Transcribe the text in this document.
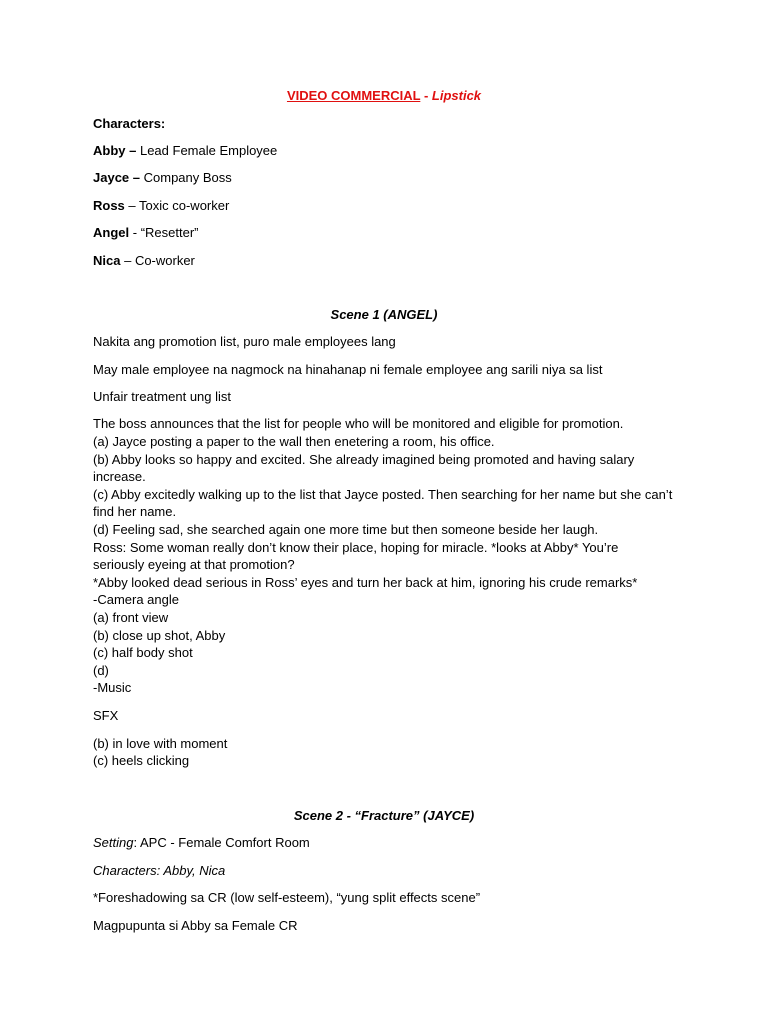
VIDEO COMMERCIAL - Lipstick
Characters:
Abby – Lead Female Employee
Jayce – Company Boss
Ross – Toxic co-worker
Angel - “Resetter”
Nica – Co-worker
Scene 1 (ANGEL)
Nakita ang promotion list, puro male employees lang
May male employee na nagmock na hinahanap ni female employee ang sarili niya sa list
Unfair treatment ung list
The boss announces that the list for people who will be monitored and eligible for promotion.
(a) Jayce posting a paper to the wall then enetering a room, his office.
(b) Abby looks so happy and excited. She already imagined being promoted and having salary
increase.
(c) Abby excitedly walking up to the list that Jayce posted. Then searching for her name but she can’t
find her name.
(d) Feeling sad, she searched again one more time but then someone beside her laugh.
Ross: Some woman really don’t know their place, hoping for miracle. *looks at Abby* You’re
seriously eyeing at that promotion?
*Abby looked dead serious in Ross’ eyes and turn her back at him, ignoring his crude remarks*
-Camera angle
(a) front view
(b) close up shot, Abby
(c) half body shot
(d)
-Music
SFX
(b) in love with moment
(c) heels clicking
Scene 2 - “Fracture” (JAYCE)
Setting: APC - Female Comfort Room
Characters: Abby, Nica
*Foreshadowing sa CR (low self-esteem), “yung split effects scene”
Magpupunta si Abby sa Female CR
